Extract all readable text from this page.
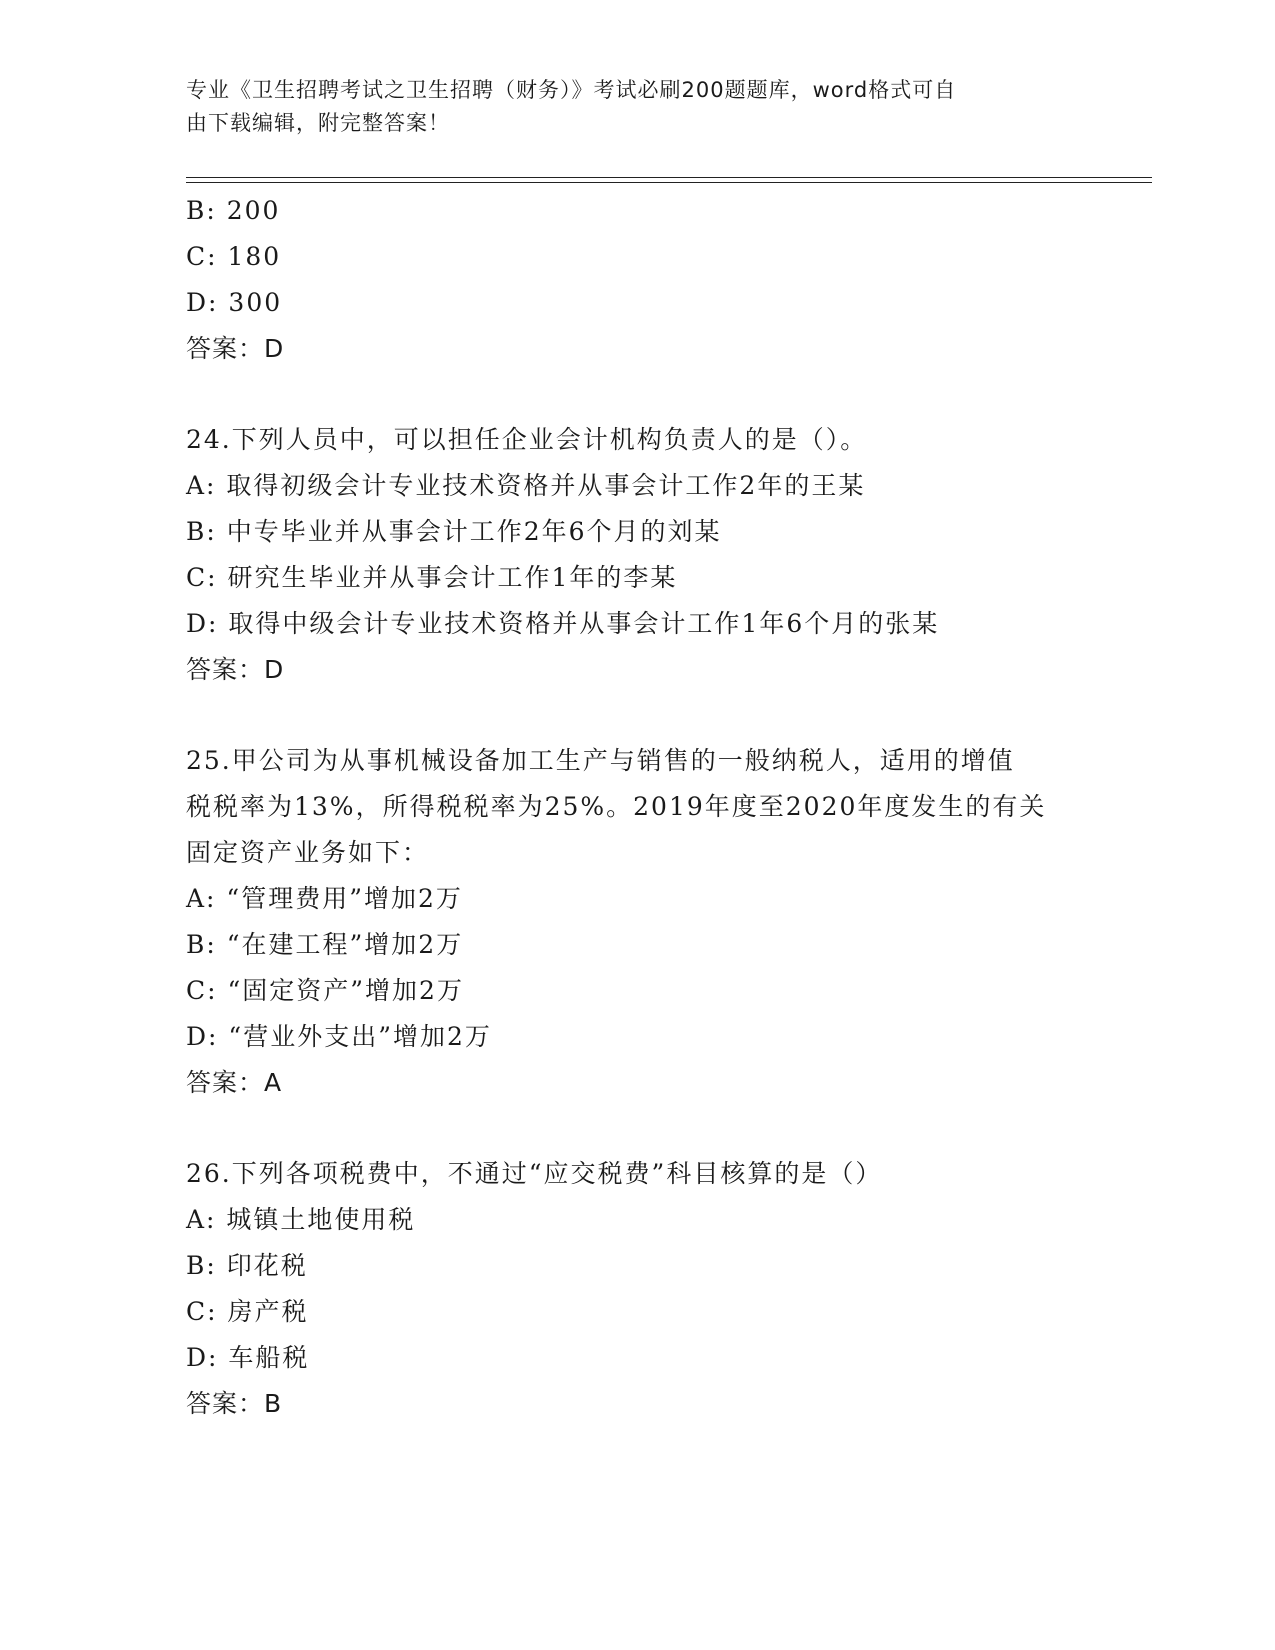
专业《卫生招聘考试之卫生招聘（财务）》考试必刷200题题库，word格式可自
由下载编辑，附完整答案！
B: 200
C: 180
D: 300
答案：D
24.下列人员中，可以担任企业会计机构负责人的是（）。
A: 取得初级会计专业技术资格并从事会计工作2年的王某
B: 中专毕业并从事会计工作2年6个月的刘某
C: 研究生毕业并从事会计工作1年的李某
D: 取得中级会计专业技术资格并从事会计工作1年6个月的张某
答案：D
25.甲公司为从事机械设备加工生产与销售的一般纳税人，适用的增值
税税率为13%，所得税税率为25%。2019年度至2020年度发生的有关
固定资产业务如下：
A: “管理费用”增加2万
B: “在建工程”增加2万
C: “固定资产”增加2万
D: “营业外支出”增加2万
答案：A
26.下列各项税费中，不通过“应交税费”科目核算的是（）
A: 城镇土地使用税
B: 印花税
C: 房产税
D: 车船税
答案：B
